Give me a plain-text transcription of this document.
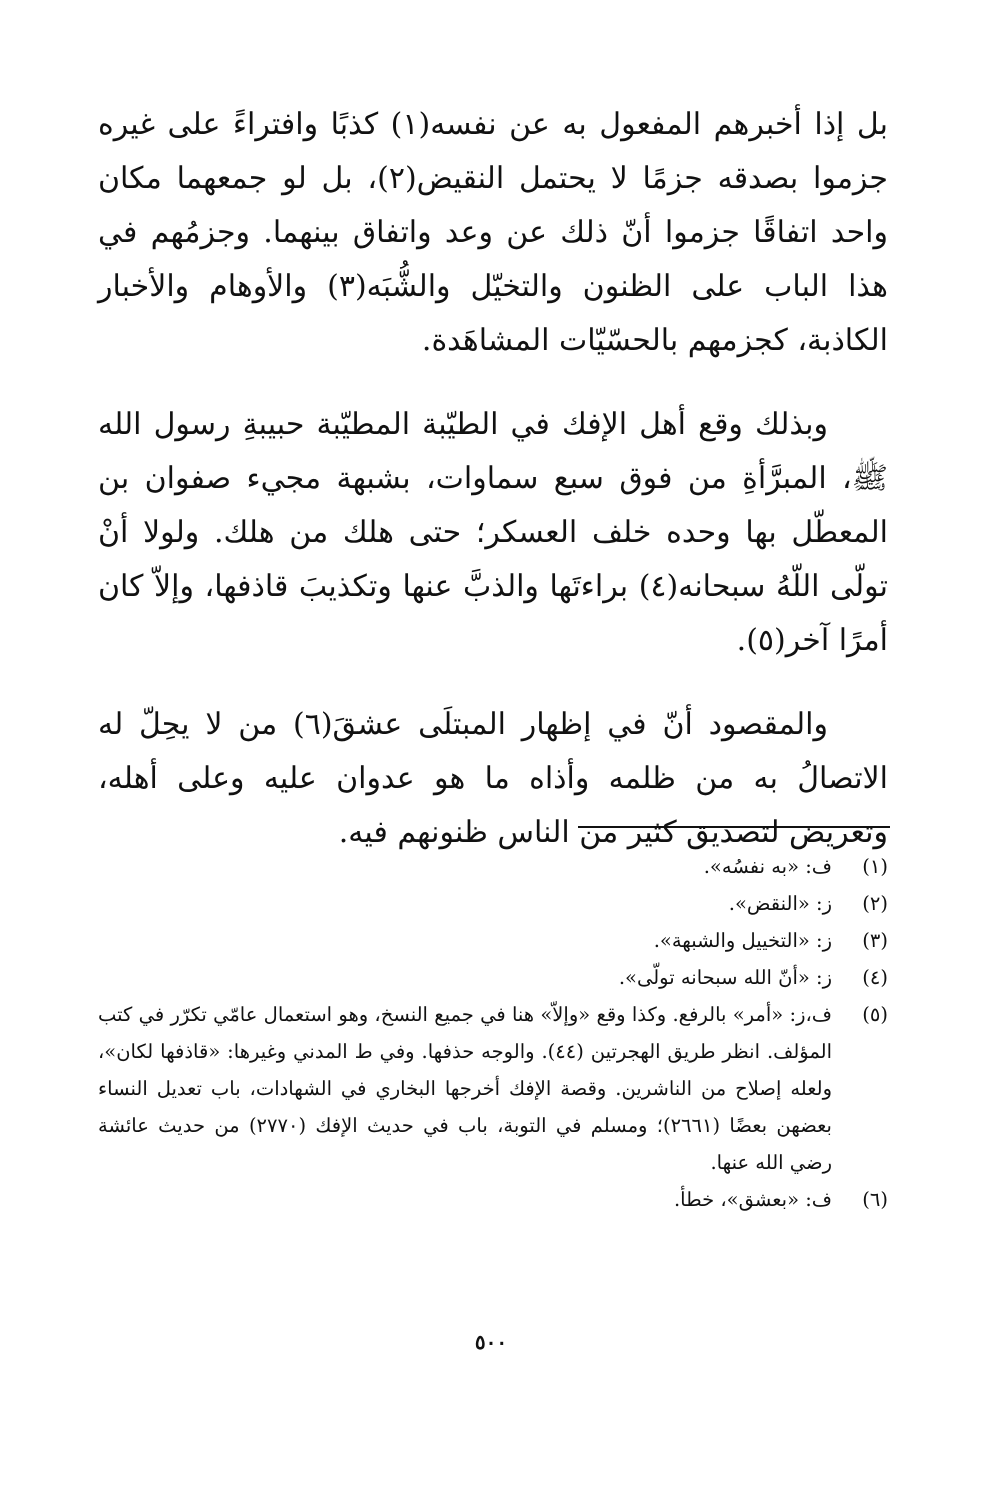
بل إذا أخبرهم المفعول به عن نفسه(١) كذبًا وافتراءً على غيره جزموا بصدقه جزمًا لا يحتمل النقيض(٢)، بل لو جمعهما مكان واحد اتفاقًا جزموا أنّ ذلك عن وعد واتفاق بينهما. وجزمُهم في هذا الباب على الظنون والتخيّل والشُّبَه(٣) والأوهام والأخبار الكاذبة، كجزمهم بالحسّيّات المشاهَدة.

وبذلك وقع أهل الإفك في الطيّبة المطيّبة حبيبةِ رسول الله ﷺ، المبرَّأةِ من فوق سبع سماوات، بشبهة مجيء صفوان بن المعطّل بها وحده خلف العسكر؛ حتى هلك من هلك. ولولا أنْ تولّى اللّهُ سبحانه(٤) براءتَها والذبَّ عنها وتكذيبَ قاذفها، وإلاّ كان أمرًا آخر(٥).

والمقصود أنّ في إظهار المبتلَى عشقَ(٦) من لا يحِلّ له الاتصالُ به من ظلمه وأذاه ما هو عدوان عليه وعلى أهله، وتعريض لتصديق كثير من الناس ظنونهم فيه.

(١)
ف: «به نفسُه».
(٢)
ز: «النقض».
(٣)
ز: «التخييل والشبهة».
(٤)
ز: «أنّ الله سبحانه تولّى».
(٥)
ف،ز: «أمر» بالرفع. وكذا وقع «وإلاّ» هنا في جميع النسخ، وهو استعمال عامّي تكرّر في كتب المؤلف. انظر طريق الهجرتين (٤٤). والوجه حذفها. وفي ط المدني وغيرها: «قاذفها لكان»، ولعله إصلاح من الناشرين. وقصة الإفك أخرجها البخاري في الشهادات، باب تعديل النساء بعضهن بعضًا (٢٦٦١)؛ ومسلم في التوبة، باب في حديث الإفك (٢٧٧٠) من حديث عائشة رضي الله عنها.
(٦)
ف: «بعشق»، خطأ.
٥٠٠
